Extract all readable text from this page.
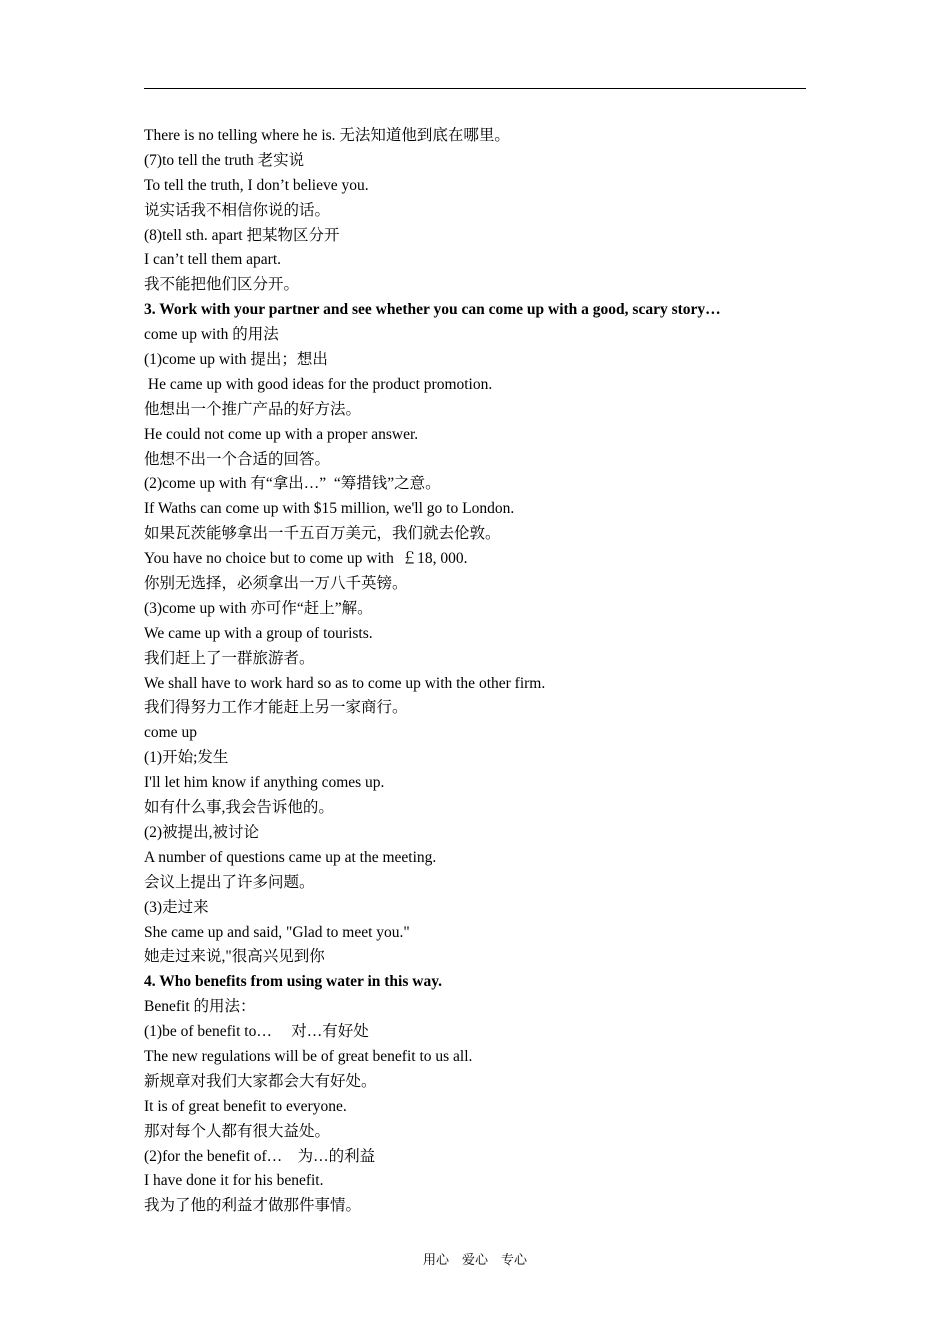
There is no telling where he is. 无法知道他到底在哪里。
(7)to tell the truth 老实说
To tell the truth, I don’t believe you.
说实话我不相信你说的话。
(8)tell sth. apart 把某物区分开
I can’t tell them apart.
我不能把他们区分开。
3. Work with your partner and see whether you can come up with a good, scary story…
come up with 的用法
(1)come up with 提出；想出
He came up with good ideas for the product promotion.
他想出一个推广产品的好方法。
He could not come up with a proper answer.
他想不出一个合适的回答。
(2)come up with 有“拿出…”  “筹措钱”之意。
If Waths can come up with $15 million, we'll go to London.
如果瓦茨能够拿出一千五百万美元，我们就去伦敦。
You have no choice but to come up with  ￡18, 000.
你别无选择，必须拿出一万八千英镑。
(3)come up with 亦可作“赶上”解。
We came up with a group of tourists.
我们赶上了一群旅游者。
We shall have to work hard so as to come up with the other firm.
我们得努力工作才能赶上另一家商行。
come up
(1)开始;发生
I'll let him know if anything comes up.
如有什么事,我会告诉他的。
(2)被提出,被讨论
A number of questions came up at the meeting.
会议上提出了许多问题。
(3)走过来
She came up and said, "Glad to meet you."
她走过来说,"很高兴见到你
4. Who benefits from using water in this way.
Benefit 的用法：
(1)be of benefit to…     对…有好处
The new regulations will be of great benefit to us all.
新规章对我们大家都会大有好处。
It is of great benefit to everyone.
那对每个人都有很大益处。
(2)for the benefit of…    为…的利益
I have done it for his benefit.
我为了他的利益才做那件事情。
用心    爱心    专心
